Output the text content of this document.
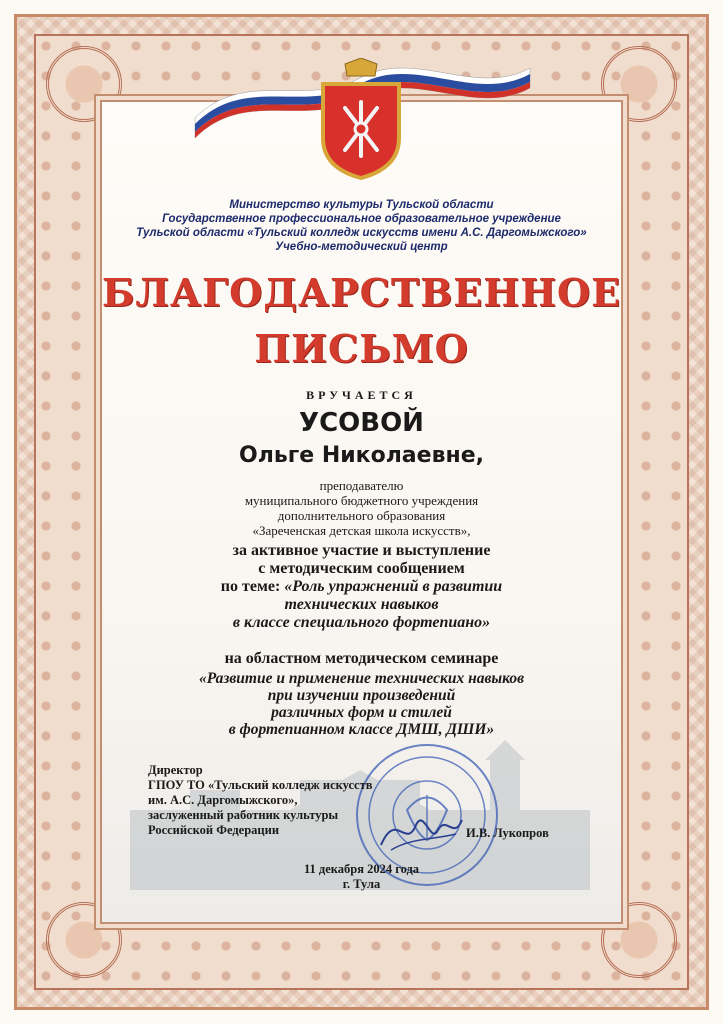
Министерство культуры Тульской области
Государственное профессиональное образовательное учреждение
Тульской области «Тульский колледж искусств имени А.С. Даргомыжского»
Учебно-методический центр
БЛАГОДАРСТВЕННОЕ
ПИСЬМО
ВРУЧАЕТСЯ
УСОВОЙ
Ольге Николаевне,
преподавателю
муниципального бюджетного учреждения
дополнительного образования
«Зареченская детская школа искусств»,
за активное участие и выступление
с методическим сообщением
по теме: «Роль упражнений в развитии
технических навыков
в классе специального фортепиано»
на областном методическом семинаре
«Развитие и применение технических навыков
при изучении произведений
различных форм и стилей
в фортепианном классе ДМШ, ДШИ»
Директор
ГПОУ ТО «Тульский колледж искусств
им. А.С. Даргомыжского»,
заслуженный работник культуры
Российской Федерации	И.В. Лукопров
11 декабря 2024 года
г. Тула
